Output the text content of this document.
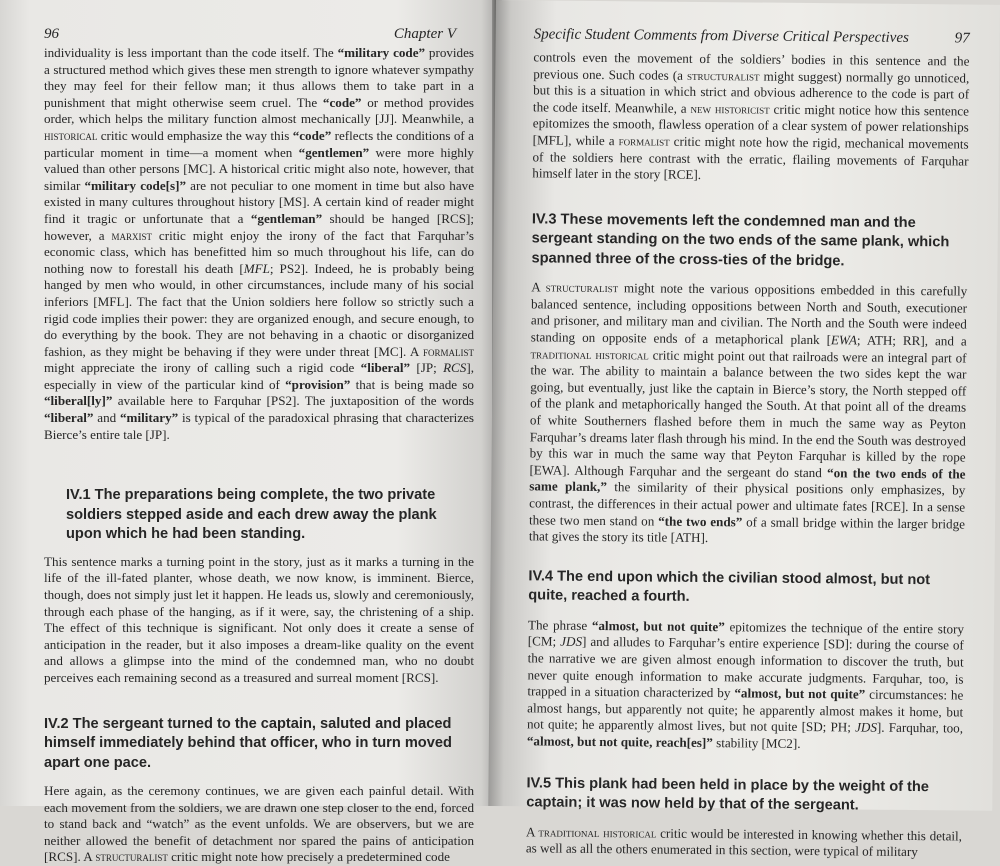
96	Chapter V

individuality is less important than the code itself. The “military code” provides a structured method which gives these men strength to ignore whatever sympathy they may feel for their fellow man; it thus allows them to take part in a punishment that might otherwise seem cruel. The “code” or method provides order, which helps the military function almost mechanically [JJ]. Meanwhile, a historical critic would emphasize the way this “code” reflects the conditions of a particular moment in time—a moment when “gentlemen” were more highly valued than other persons [MC]. A historical critic might also note, however, that similar “military code[s]” are not peculiar to one moment in time but also have existed in many cultures throughout history [MS]. A certain kind of reader might find it tragic or unfortunate that a “gentleman” should be hanged [RCS]; however, a marxist critic might enjoy the irony of the fact that Farquhar’s economic class, which has benefitted him so much throughout his life, can do nothing now to forestall his death [MFL; PS2]. Indeed, he is probably being hanged by men who would, in other circumstances, include many of his social inferiors [MFL]. The fact that the Union soldiers here follow so strictly such a rigid code implies their power: they are organized enough, and secure enough, to do everything by the book. They are not behaving in a chaotic or disorganized fashion, as they might be behaving if they were under threat [MC]. A formalist might appreciate the irony of calling such a rigid code “liberal” [JP; RCS], especially in view of the particular kind of “provision” that is being made so “liberal[ly]” available here to Farquhar [PS2]. The juxtaposition of the words “liberal” and “military” is typical of the paradoxical phrasing that characterizes Bierce’s entire tale [JP].

IV.1 The preparations being complete, the two private soldiers stepped aside and each drew away the plank upon which he had been standing.

This sentence marks a turning point in the story, just as it marks a turning in the life of the ill-fated planter, whose death, we now know, is imminent. Bierce, though, does not simply just let it happen. He leads us, slowly and ceremoniously, through each phase of the hanging, as if it were, say, the christening of a ship. The effect of this technique is significant. Not only does it create a sense of anticipation in the reader, but it also imposes a dream-like quality on the event and allows a glimpse into the mind of the condemned man, who no doubt perceives each remaining second as a treasured and surreal moment [RCS].

IV.2 The sergeant turned to the captain, saluted and placed himself immediately behind that officer, who in turn moved apart one pace.

Here again, as the ceremony continues, we are given each painful detail. With each movement from the soldiers, we are drawn one step closer to the end, forced to stand back and “watch” as the event unfolds. We are observers, but we are neither allowed the benefit of detachment nor spared the pains of anticipation [RCS]. A structuralist critic might note how precisely a predetermined code

Specific Student Comments from Diverse Critical Perspectives	97

controls even the movement of the soldiers’ bodies in this sentence and the previous one. Such codes (a structuralist might suggest) normally go unnoticed, but this is a situation in which strict and obvious adherence to the code is part of the code itself. Meanwhile, a new historicist critic might notice how this sentence epitomizes the smooth, flawless operation of a clear system of power relationships [MFL], while a formalist critic might note how the rigid, mechanical movements of the soldiers here contrast with the erratic, flailing movements of Farquhar himself later in the story [RCE].

IV.3 These movements left the condemned man and the sergeant standing on the two ends of the same plank, which spanned three of the cross-ties of the bridge.

A structuralist might note the various oppositions embedded in this carefully balanced sentence, including oppositions between North and South, executioner and prisoner, and military man and civilian. The North and the South were indeed standing on opposite ends of a metaphorical plank [EWA; ATH; RR], and a traditional historical critic might point out that railroads were an integral part of the war. The ability to maintain a balance between the two sides kept the war going, but eventually, just like the captain in Bierce’s story, the North stepped off of the plank and metaphorically hanged the South. At that point all of the dreams of white Southerners flashed before them in much the same way as Peyton Farquhar’s dreams later flash through his mind. In the end the South was destroyed by this war in much the same way that Peyton Farquhar is killed by the rope [EWA]. Although Farquhar and the sergeant do stand “on the two ends of the same plank,” the similarity of their physical positions only emphasizes, by contrast, the differences in their actual power and ultimate fates [RCE]. In a sense these two men stand on “the two ends” of a small bridge within the larger bridge that gives the story its title [ATH].

IV.4 The end upon which the civilian stood almost, but not quite, reached a fourth.

The phrase “almost, but not quite” epitomizes the technique of the entire story [CM; JDS] and alludes to Farquhar’s entire experience [SD]: during the course of the narrative we are given almost enough information to discover the truth, but never quite enough information to make accurate judgments. Farquhar, too, is trapped in a situation characterized by “almost, but not quite” circumstances: he almost hangs, but apparently not quite; he apparently almost makes it home, but not quite; he apparently almost lives, but not quite [SD; PH; JDS]. Farquhar, too, “almost, but not quite, reach[es]” stability [MC2].

IV.5 This plank had been held in place by the weight of the captain; it was now held by that of the sergeant.

A traditional historical critic would be interested in knowing whether this detail, as well as all the others enumerated in this section, were typical of military
